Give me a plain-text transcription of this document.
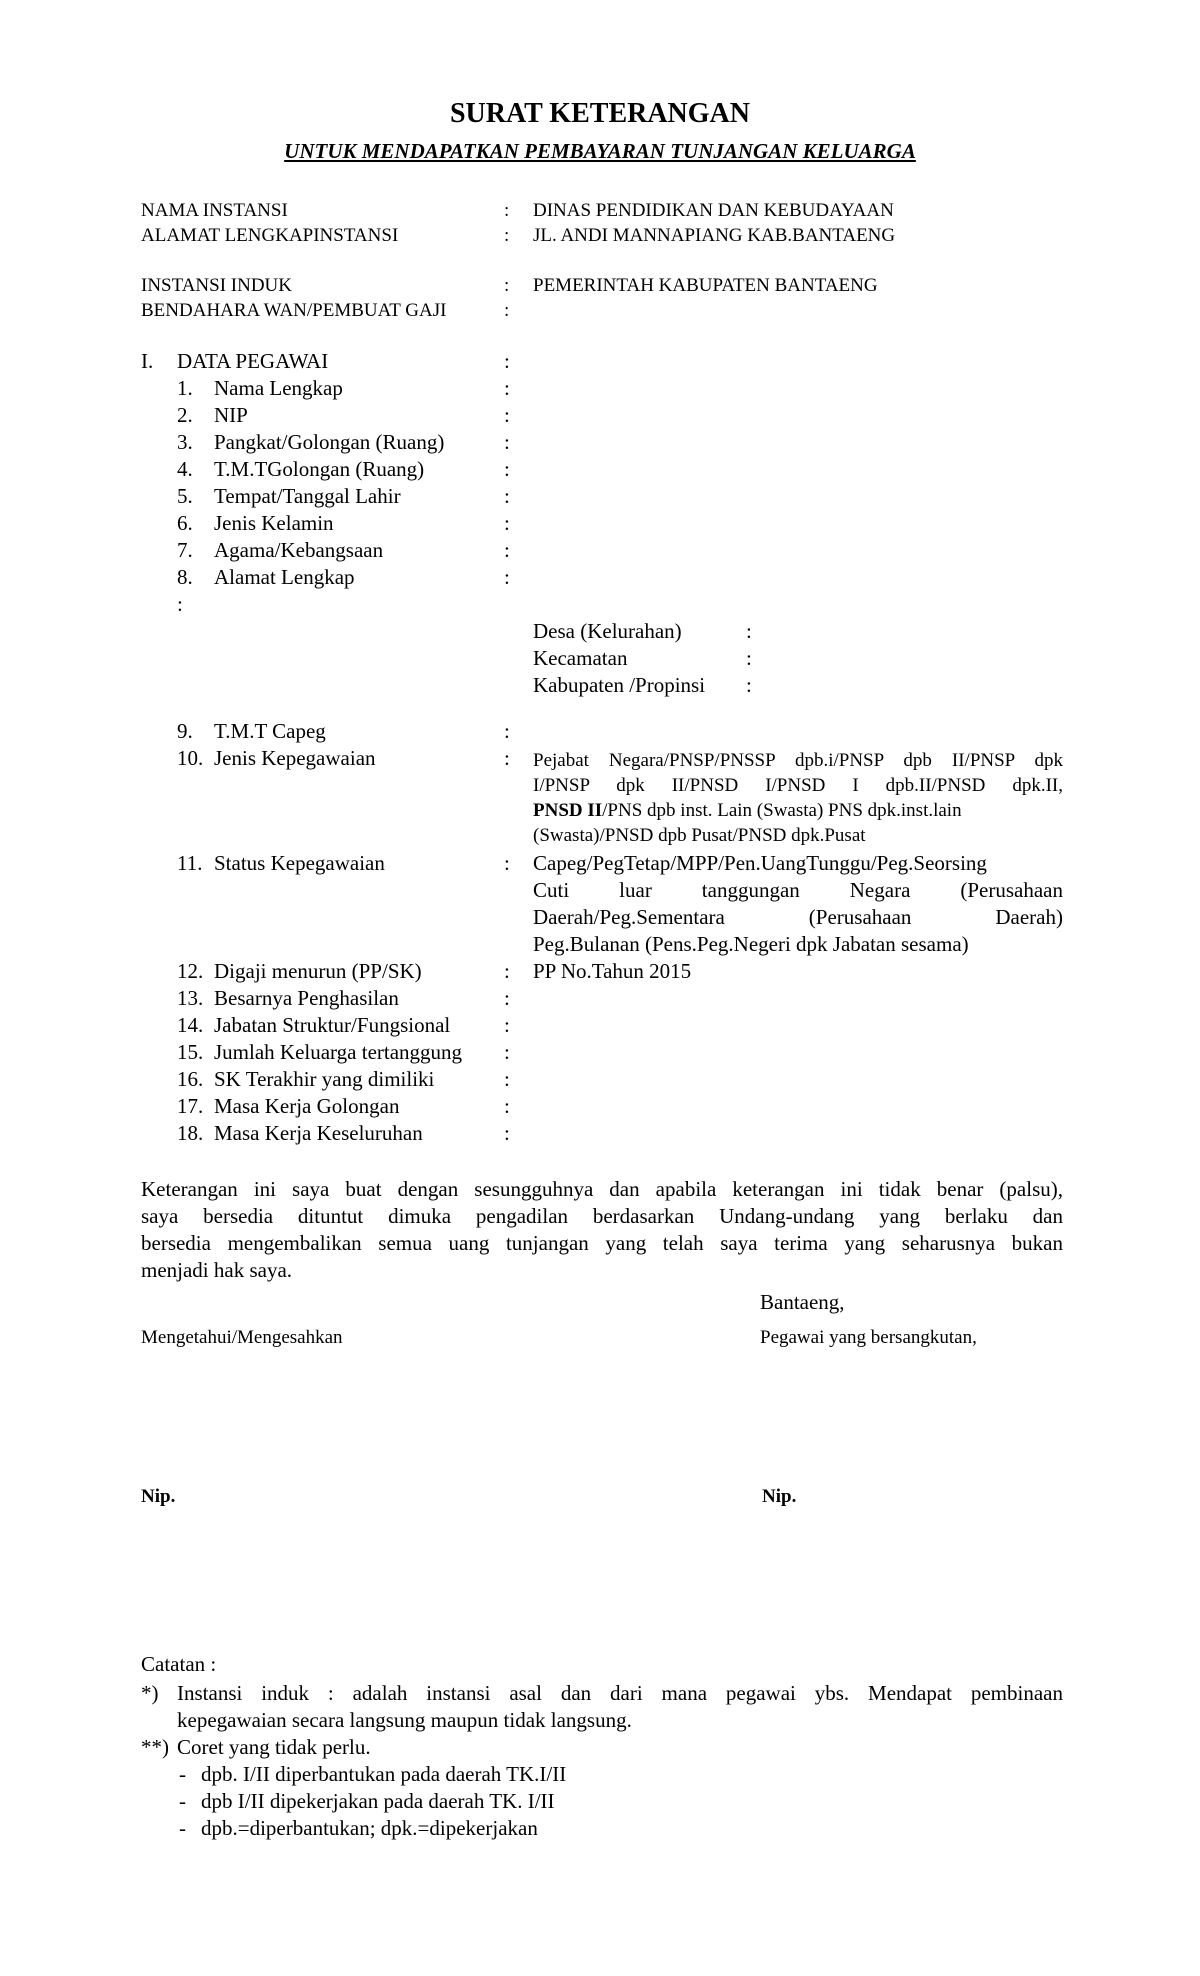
SURAT KETERANGAN
UNTUK MENDAPATKAN PEMBAYARAN TUNJANGAN KELUARGA
NAMA INSTANSI	: DINAS PENDIDIKAN DAN KEBUDAYAAN
ALAMAT LENGKAPINSTANSI	: JL. ANDI MANNAPIANG KAB.BANTAENG
INSTANSI INDUK	: PEMERINTAH KABUPATEN BANTAENG
BENDAHARA WAN/PEMBUAT GAJI	:
I. DATA PEGAWAI	:
1. Nama Lengkap	:
2. NIP	:
3. Pangkat/Golongan (Ruang)	:
4. T.M.TGolongan (Ruang)	:
5. Tempat/Tanggal Lahir	:
6. Jenis Kelamin	:
7. Agama/Kebangsaan	:
8. Alamat Lengkap	:
:
Desa (Kelurahan)	:
Kecamatan	:
Kabupaten /Propinsi :
9. T.M.T Capeg	:
10. Jenis Kepegawaian	: Pejabat Negara/PNSP/PNSSP dpb.i/PNSP dpb II/PNSP dpk
I/PNSP dpk II/PNSD I/PNSD I dpb.II/PNSD dpk.II,
PNSD II/PNS dpb inst. Lain (Swasta) PNS dpk.inst.lain
(Swasta)/PNSD dpb Pusat/PNSD dpk.Pusat
11. Status Kepegawaian	: Capeg/PegTetap/MPP/Pen.UangTunggu/Peg.Seorsing
Cuti luar tanggungan Negara (Perusahaan
Daerah/Peg.Sementara (Perusahaan Daerah)
Peg.Bulanan (Pens.Peg.Negeri dpk Jabatan sesama)
12. Digaji menurun (PP/SK)	: PP No.Tahun 2015
13. Besarnya Penghasilan	:
14. Jabatan Struktur/Fungsional	:
15. Jumlah Keluarga tertanggung :
16. SK Terakhir yang dimiliki	:
17. Masa Kerja Golongan	:
18. Masa Kerja Keseluruhan	:
Keterangan ini saya buat dengan sesungguhnya dan apabila keterangan ini tidak benar (palsu),
saya bersedia dituntut dimuka pengadilan berdasarkan Undang-undang yang berlaku dan
bersedia mengembalikan semua uang tunjangan yang telah saya terima yang seharusnya bukan
menjadi hak saya.
Bantaeng,
Mengetahui/Mengesahkan	Pegawai yang bersangkutan,
Nip.	Nip.
Catatan :
*) Instansi induk : adalah instansi asal dan dari mana pegawai ybs. Mendapat pembinaan
kepegawaian secara langsung maupun tidak langsung.
**) Coret yang tidak perlu.
- dpb. I/II diperbantukan pada daerah TK.I/II
- dpb I/II dipekerjakan pada daerah TK. I/II
- dpb.=diperbantukan; dpk.=dipekerjakan
